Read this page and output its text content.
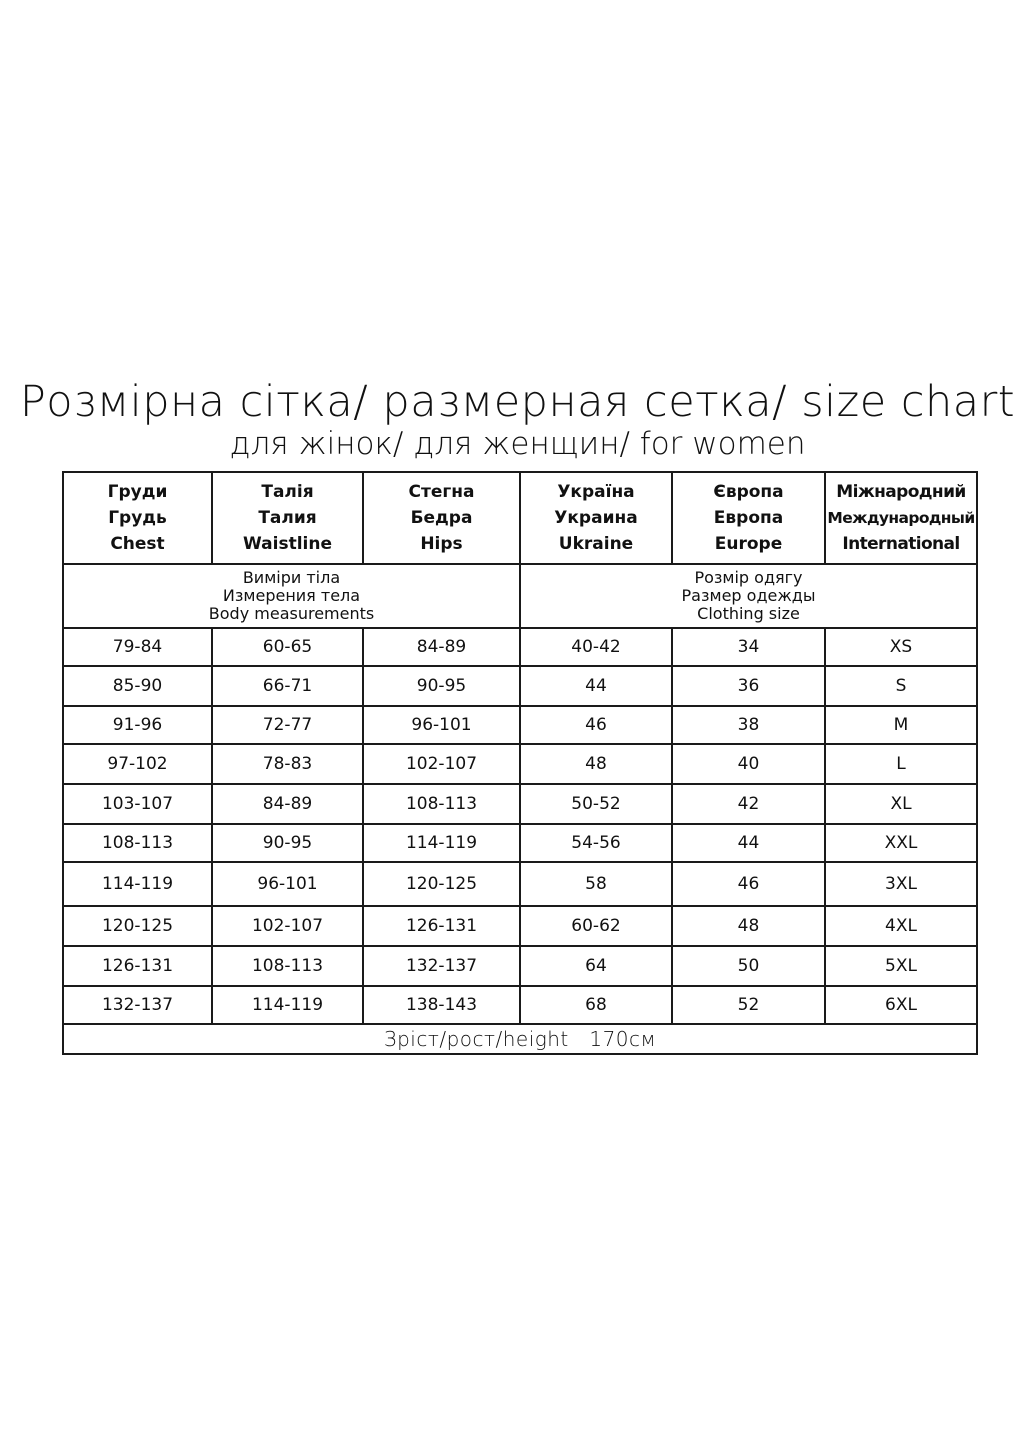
Розмірна сітка/ размерная сетка/ size chart
для жінок/ для женщин/ for women
Груди
Грудь
Chest	Талія
Талия
Waistline	Стегна
Бедра
Hips	Україна
Украина
Ukraine	Європа
Европа
Europe	Міжнародний
Международный
International

Виміри тіла
Измерения тела
Body measurements			Розмір одягу
Размер одежды
Clothing size		

79-84	60-65	84-89	40-42	34	XS
85-90	66-71	90-95	44	36	S
91-96	72-77	96-101	46	38	M
97-102	78-83	102-107	48	40	L
103-107	84-89	108-113	50-52	42	XL
108-113	90-95	114-119	54-56	44	XXL
114-119	96-101	120-125	58	46	3XL
120-125	102-107	126-131	60-62	48	4XL
126-131	108-113	132-137	64	50	5XL
132-137	114-119	138-143	68	52	6XL
Зріст/рост/height   170см					
